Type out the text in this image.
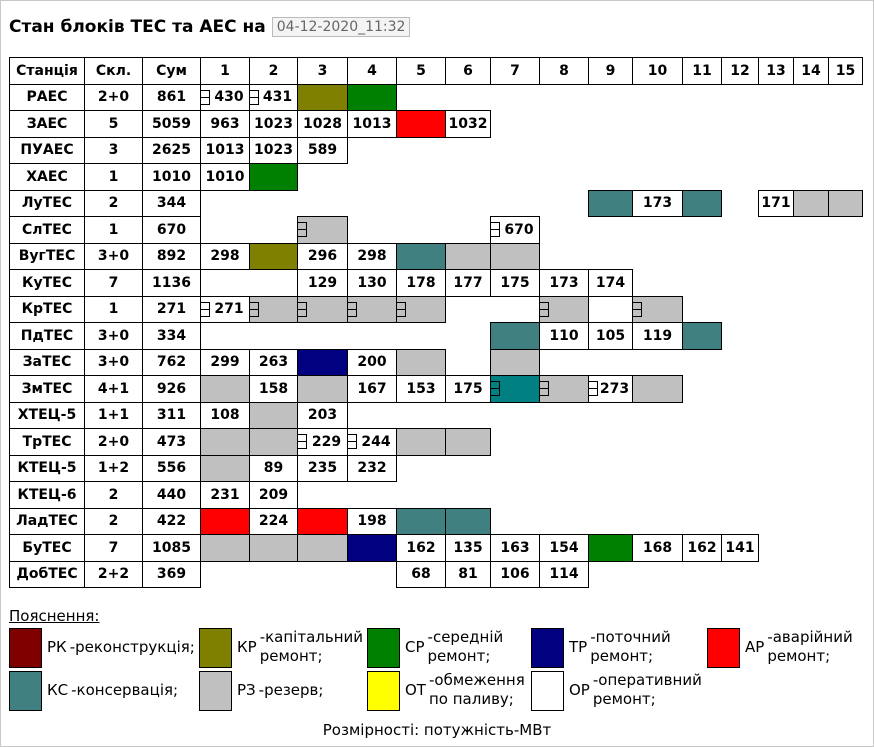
Стан блоків ТЕС та АЕС на 04-12-2020_11:32
Станція	Скл.	Сум	1	2	3	4	5	6	7	8	9	10	11	12	13	14	15
РАЕС	2+0	861	430	431													
ЗАЕС	5	5059	963	1023	1028	1013		1032									
ПУАЕС	3	2625	1013	1023	589												
ХАЕС	1	1010	1010														
ЛуТЕС	2	344										173			171		
СлТЕС	1	670							670								
ВугТЕС	3+0	892	298		296	298											
КуТЕС	7	1136			129	130	178	177	175	173	174						
КрТЕС	1	271	271	

ПдТЕС	3+0	334								110	105	119					
ЗаТЕС	3+0	762	299	263		200											
ЗмТЕС	4+1	926		158		167	153	175			273						
ХТЕЦ-5	1+1	311	108		203												
ТрТЕС	2+0	473			229	244											
КТЕЦ-5	1+2	556		89	235	232											
КТЕЦ-6	2	440	231	209													
ЛадТЕС	2	422		224		198											
БуТЕС	7	1085					162	135	163	154		168	162	141			
ДобТЕС	2+2	369					68	81	106	114							
Пояснення:
РК -реконструкція;	КР
-капітальний
ремонт;	СР
-середній
ремонт;	ТР
-поточний
ремонт;	АР
-аварійний
ремонт;
КС -консервація;	РЗ -резерв;	ОТ
-обмеження
по паливу;	ОР
-оперативний
ремонт;
Розмірності: потужність-МВт
